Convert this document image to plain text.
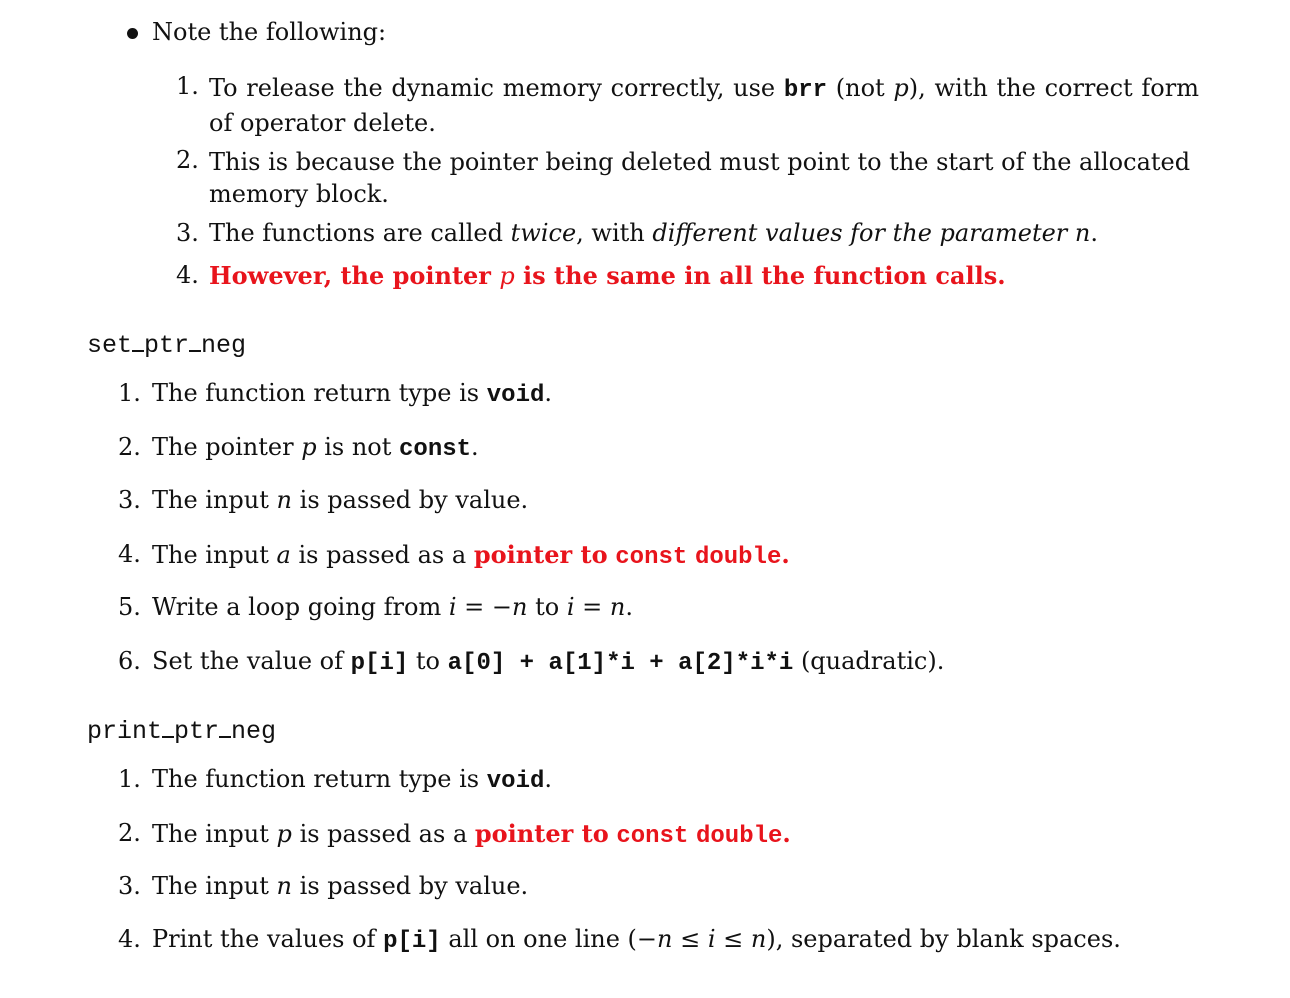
Note the following:
1. To release the dynamic memory correctly, use brr (not p), with the correct form of operator delete.
2. This is because the pointer being deleted must point to the start of the allocated memory block.
3. The functions are called twice, with different values for the parameter n.
4. However, the pointer p is the same in all the function calls.
set ptr neg
1. The function return type is void.
2. The pointer p is not const.
3. The input n is passed by value.
4. The input a is passed as a pointer to const double.
5. Write a loop going from i = −n to i = n.
6. Set the value of p[i] to a[0] + a[1]*i + a[2]*i*i (quadratic).
print ptr neg
1. The function return type is void.
2. The input p is passed as a pointer to const double.
3. The input n is passed by value.
4. Print the values of p[i] all on one line (−n ≤ i ≤ n), separated by blank spaces.
